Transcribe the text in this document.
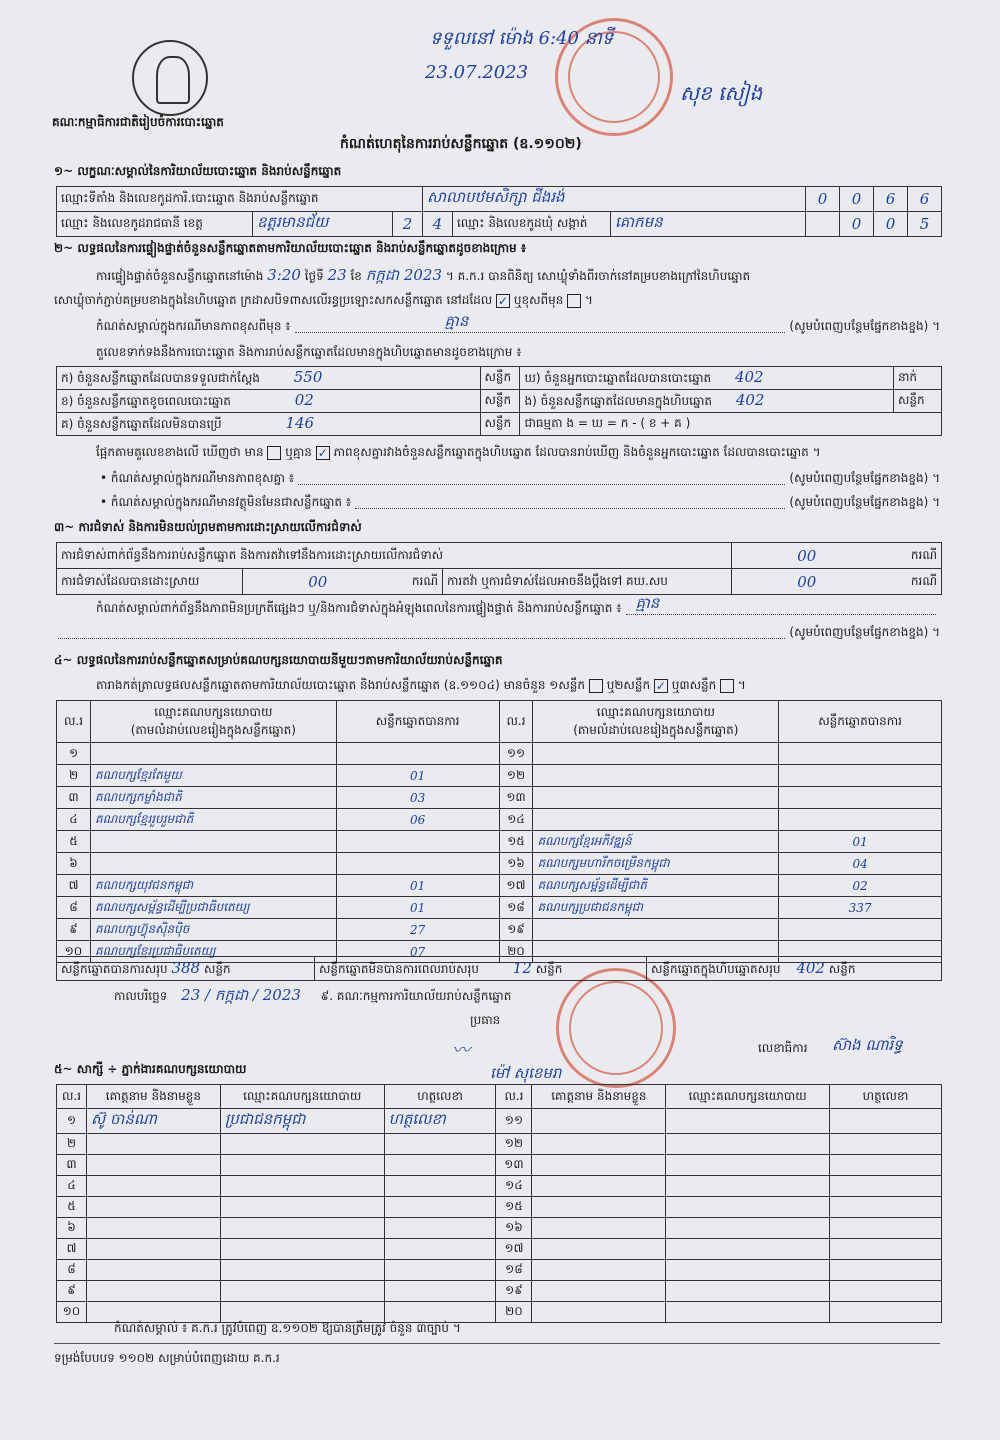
គណៈកម្មាធិការជាតិរៀបចំការបោះឆ្នោត
ទទួលនៅ ម៉ោង 6:40 នាទី
23.07.2023
សុខ សៀង
កំណត់ហេតុនៃការរាប់សន្លឹកឆ្នោត (ឧ.១១០២)
១~ លក្ខណៈសម្គាល់នៃការិយាល័យបោះឆ្នោត និងរាប់សន្លឹកឆ្នោត
ឈ្មោះទីតាំង និងលេខកូដការិ.បោះឆ្នោត និងរាប់សន្លឹកឆ្នោត			សាលាបឋមសិក្សា ជីងរង់			0	0	6	6
ឈ្មោះ និងលេខកូដរាជធានី ខេត្ត	ឧត្តរមានជ័យ	2	4	ឈ្មោះ និងលេខកូដឃុំ សង្កាត់	គោកមន		0	0	5
២~ លទ្ធផលនៃការផ្ទៀងផ្ទាត់ចំនួនសន្លឹកឆ្នោតតាមការិយាល័យបោះឆ្នោត និងរាប់សន្លឹកឆ្នោតដូចខាងក្រោម ៖
ការផ្ទៀងផ្ទាត់ចំនួនសន្លឹកឆ្នោតនៅម៉ោង 3:20 ថ្ងៃទី 23 ខែ កក្កដា 2023 ។ គ.ក.រ បានពិនិត្យ សោឃ្លុំទាំងពីរចាក់នៅគម្របខាងក្រៅនៃហិបឆ្នោត
សោឃ្លុំចាក់ភ្ជាប់គម្របខាងក្នុងនៃហិបឆ្នោត ក្រដាសបិទពាសលើរន្ធប្រឡោះសកសន្លឹកឆ្នោត នៅដដែល ✓ ឬខុសពីមុន  ។
កំណត់សម្គាល់ក្នុងករណីមានភាពខុសពីមុន ៖	គ្មាន	(សូមបំពេញបន្ថែមផ្នែកខាងខ្នង) ។
តួលេខទាក់ទងនឹងការបោះឆ្នោត និងការរាប់សន្លឹកឆ្នោតដែលមានក្នុងហិបឆ្នោតមានដូចខាងក្រោម ៖
ក) ចំនួនសន្លឹកឆ្នោតដែលបានទទួលជាក់ស្តែង 550	សន្លឹក	ឃ) ចំនួនអ្នកបោះឆ្នោតដែលបានបោះឆ្នោត 402	នាក់
ខ) ចំនួនសន្លឹកឆ្នោតខូចពេលបោះឆ្នោត 02	សន្លឹក	ង) ចំនួនសន្លឹកឆ្នោតដែលមានក្នុងហិបឆ្នោត 402	សន្លឹក
គ) ចំនួនសន្លឹកឆ្នោតដែលមិនបានប្រើ 146	សន្លឹក	ជាធម្មតា ង = ឃ = ក - ( ខ + គ )	
ផ្អែកតាមតួលេខខាងលើ ឃើញថា មាន ឬគ្មាន ✓ ភាពខុសគ្នារវាងចំនួនសន្លឹកឆ្នោតក្នុងហិបឆ្នោត ដែលបានរាប់ឃើញ និងចំនួនអ្នកបោះឆ្នោត ដែលបានបោះឆ្នោត ។
• កំណត់សម្គាល់ក្នុងករណីមានភាពខុសគ្នា ៖	(សូមបំពេញបន្ថែមផ្នែកខាងខ្នង) ។
• កំណត់សម្គាល់ក្នុងករណីមានវត្ថុមិនមែនជាសន្លឹកឆ្នោត ៖	(សូមបំពេញបន្ថែមផ្នែកខាងខ្នង) ។
៣~ ការជំទាស់ និងការមិនយល់ព្រមតាមការដោះស្រាយលើការជំទាស់
ការជំទាស់ពាក់ព័ន្ធនឹងការរាប់សន្លឹកឆ្នោត និងការតវ៉ាទៅនឹងការដោះស្រាយលើការជំទាស់				00	ករណី
ការជំទាស់ដែលបានដោះស្រាយ	00	ករណី	ការតវ៉ា ឬការជំទាស់ដែលអាចនឹងប្តឹងទៅ គឃ.សប	00	ករណី
កំណត់សម្គាល់ពាក់ព័ន្ធនឹងភាពមិនប្រក្រតីផ្សេងៗ ឬ/និងការជំទាស់ក្នុងអំឡុងពេលនៃការផ្ទៀងផ្ទាត់ និងការរាប់សន្លឹកឆ្នោត ៖ គ្មាន
(សូមបំពេញបន្ថែមផ្នែកខាងខ្នង) ។
៤~ លទ្ធផលនៃការរាប់សន្លឹកឆ្នោតសម្រាប់គណបក្សនយោបាយនីមួយៗតាមការិយាល័យរាប់សន្លឹកឆ្នោត
តារាងកត់ត្រាលទ្ធផលសន្លឹកឆ្នោតតាមការិយាល័យបោះឆ្នោត និងរាប់សន្លឹកឆ្នោត (ឧ.១១០៤) មានចំនួន ១សន្លឹក ឬ២សន្លឹក ✓ ឬ៣សន្លឹក  ។
ល.រ	ឈ្មោះគណបក្សនយោបាយ
(តាមលំដាប់លេខរៀងក្នុងសន្លឹកឆ្នោត)	សន្លឹកឆ្នោតបានការ	ល.រ	ឈ្មោះគណបក្សនយោបាយ
(តាមលំដាប់លេខរៀងក្នុងសន្លឹកឆ្នោត)	សន្លឹកឆ្នោតបានការ
១			១១		
២	គណបក្សខ្មែរតែមួយ	01	១២		
៣	គណបក្សកម្លាំងជាតិ	03	១៣		
៤	គណបក្សខ្មែររួបរួមជាតិ	06	១៤		
៥			១៥	គណបក្សខ្មែរអភិវឌ្ឍន៍	01
៦			១៦	គណបក្សមហារីកចម្រើនកម្ពុជា	04
៧	គណបក្សយុវជនកម្ពុជា	01	១៧	គណបក្សសម្ព័ន្ធដើម្បីជាតិ	02
៨	គណបក្សសម្ព័ន្ធដើម្បីប្រជាធិបតេយ្យ	01	១៨	គណបក្សប្រជាជនកម្ពុជា	337
៩	គណបក្សហ៊្វុនស៊ិនប៉ិច	27	១៩		
១០	គណបក្សខ្មែរប្រជាធិបតេយ្យ	07	២០		
សន្លឹកឆ្នោតបានការសរុប 388 សន្លឹក	សន្លឹកឆ្នោតមិនបានការពេលរាប់សរុប 12 សន្លឹក	សន្លឹកឆ្នោតក្នុងហិបឆ្នោតសរុប 402 សន្លឹក
កាលបរិច្ឆេទ 23 / កក្កដា / 2023 ៩. គណៈកម្មការការិយាល័យរាប់សន្លឹកឆ្នោត
ប្រធាន
〰
ម៉ៅ សុខេមរា
លេខាធិការ ស៊ាង ណារិទ្ធ
៥~ សាក្សី ÷ ភ្នាក់ងារគណបក្សនយោបាយ
ល.រ	គោត្តនាម និងនាមខ្លួន	ឈ្មោះគណបក្សនយោបាយ	ហត្ថលេខា	ល.រ	គោត្តនាម និងនាមខ្លួន	ឈ្មោះគណបក្សនយោបាយ	ហត្ថលេខា
១	ស៊ូ ចាន់ណា	ប្រជាជនកម្ពុជា	ហត្ថលេខា	១១			
២				១២			
៣				១៣			
៤				១៤			
៥				១៥			
៦				១៦			
៧				១៧			
៨				១៨			
៩				១៩			
១០				២០			
កំណត់សម្គាល់ ៖ គ.ក.រ ត្រូវបំពេញ ឧ.១១០២ ឱ្យបានត្រឹមត្រូវ ចំនួន ៣ច្បាប់ ។
ទម្រង់បែបបទ ១១០២ សម្រាប់បំពេញដោយ គ.ក.រ
